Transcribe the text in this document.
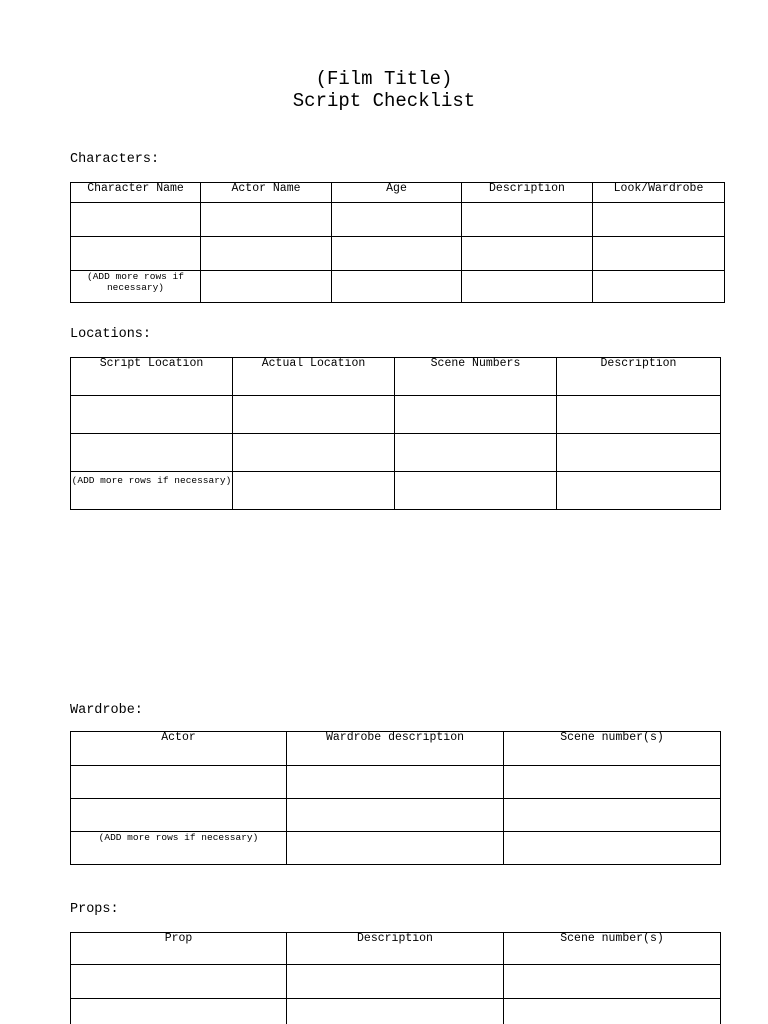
(Film Title)
Script Checklist
Characters:
Character Name	Actor Name	Age	Description	Look/Wardrobe

(ADD more rows if necessary)				
Locations:
Script Location	Actual Location	Scene Numbers	Description

(ADD more rows if necessary)			
Wardrobe:
Actor	Wardrobe description	Scene number(s)

(ADD more rows if necessary)		
Props:
Prop	Description	Scene number(s)
